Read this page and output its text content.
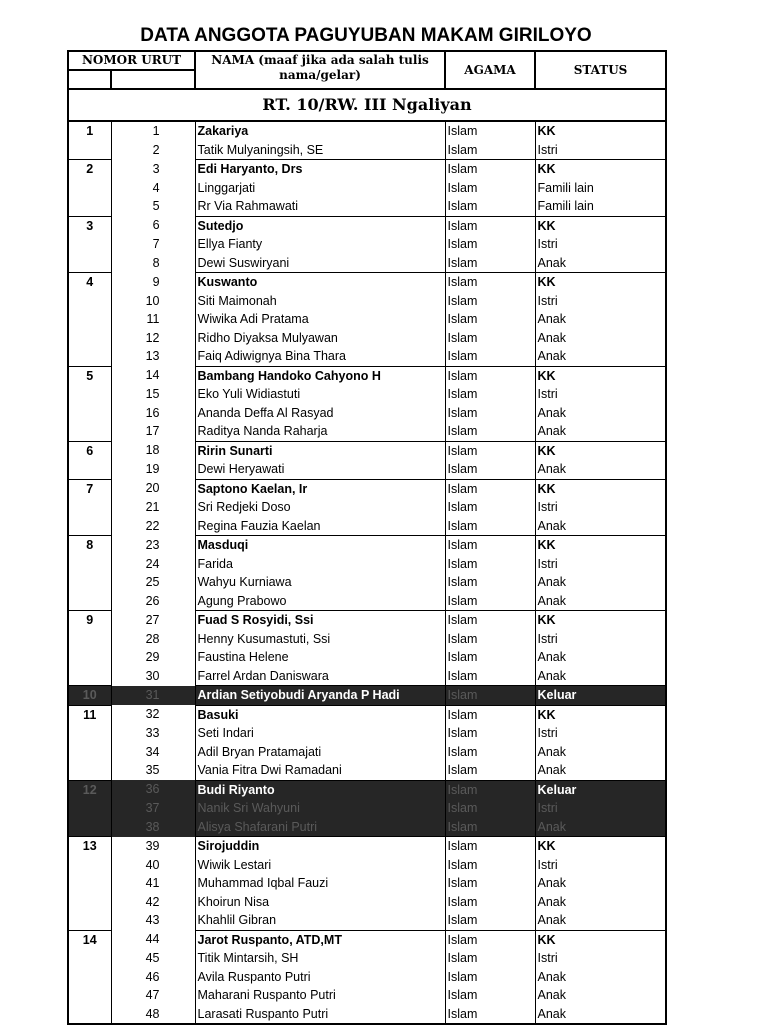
DATA ANGGOTA PAGUYUBAN MAKAM GIRILOYO
NOMOR URUT		NAMA (maaf jika ada salah tulis nama/gelar)	AGAMA	STATUS

RT. 10/RW. III Ngaliyan				
1	1	Zakariya	Islam	KK
	2	Tatik Mulyaningsih, SE	Islam	Istri
2	3	Edi Haryanto, Drs	Islam	KK
	4	Linggarjati	Islam	Famili lain
	5	Rr Via Rahmawati	Islam	Famili lain
3	6	Sutedjo	Islam	KK
	7	Ellya Fianty	Islam	Istri
	8	Dewi Suswiryani	Islam	Anak
4	9	Kuswanto	Islam	KK
	10	Siti Maimonah	Islam	Istri
	11	Wiwika Adi Pratama	Islam	Anak
	12	Ridho Diyaksa Mulyawan	Islam	Anak
	13	Faiq Adiwignya Bina Thara	Islam	Anak
5	14	Bambang Handoko Cahyono H	Islam	KK
	15	Eko Yuli Widiastuti	Islam	Istri
	16	Ananda Deffa Al Rasyad	Islam	Anak
	17	Raditya Nanda Raharja	Islam	Anak
6	18	Ririn Sunarti	Islam	KK
	19	Dewi Heryawati	Islam	Anak
7	20	Saptono Kaelan, Ir	Islam	KK
	21	Sri Redjeki Doso	Islam	Istri
	22	Regina Fauzia Kaelan	Islam	Anak
8	23	Masduqi	Islam	KK
	24	Farida	Islam	Istri
	25	Wahyu Kurniawa	Islam	Anak
	26	Agung Prabowo	Islam	Anak
9	27	Fuad S Rosyidi, Ssi	Islam	KK
	28	Henny Kusumastuti, Ssi	Islam	Istri
	29	Faustina Helene	Islam	Anak
	30	Farrel Ardan Daniswara	Islam	Anak
10	31	Ardian Setiyobudi Aryanda P Hadi	Islam	Keluar
11	32	Basuki	Islam	KK
	33	Seti Indari	Islam	Istri
	34	Adil Bryan Pratamajati	Islam	Anak
	35	Vania Fitra Dwi Ramadani	Islam	Anak
12	36	Budi Riyanto	Islam	Keluar
	37	Nanik Sri Wahyuni	Islam	Istri
	38	Alisya Shafarani Putri	Islam	Anak
13	39	Sirojuddin	Islam	KK
	40	Wiwik Lestari	Islam	Istri
	41	Muhammad Iqbal Fauzi	Islam	Anak
	42	Khoirun Nisa	Islam	Anak
	43	Khahlil Gibran	Islam	Anak
14	44	Jarot Ruspanto, ATD,MT	Islam	KK
	45	Titik Mintarsih, SH	Islam	Istri
	46	Avila Ruspanto Putri	Islam	Anak
	47	Maharani Ruspanto Putri	Islam	Anak
	48	Larasati Ruspanto Putri	Islam	Anak
